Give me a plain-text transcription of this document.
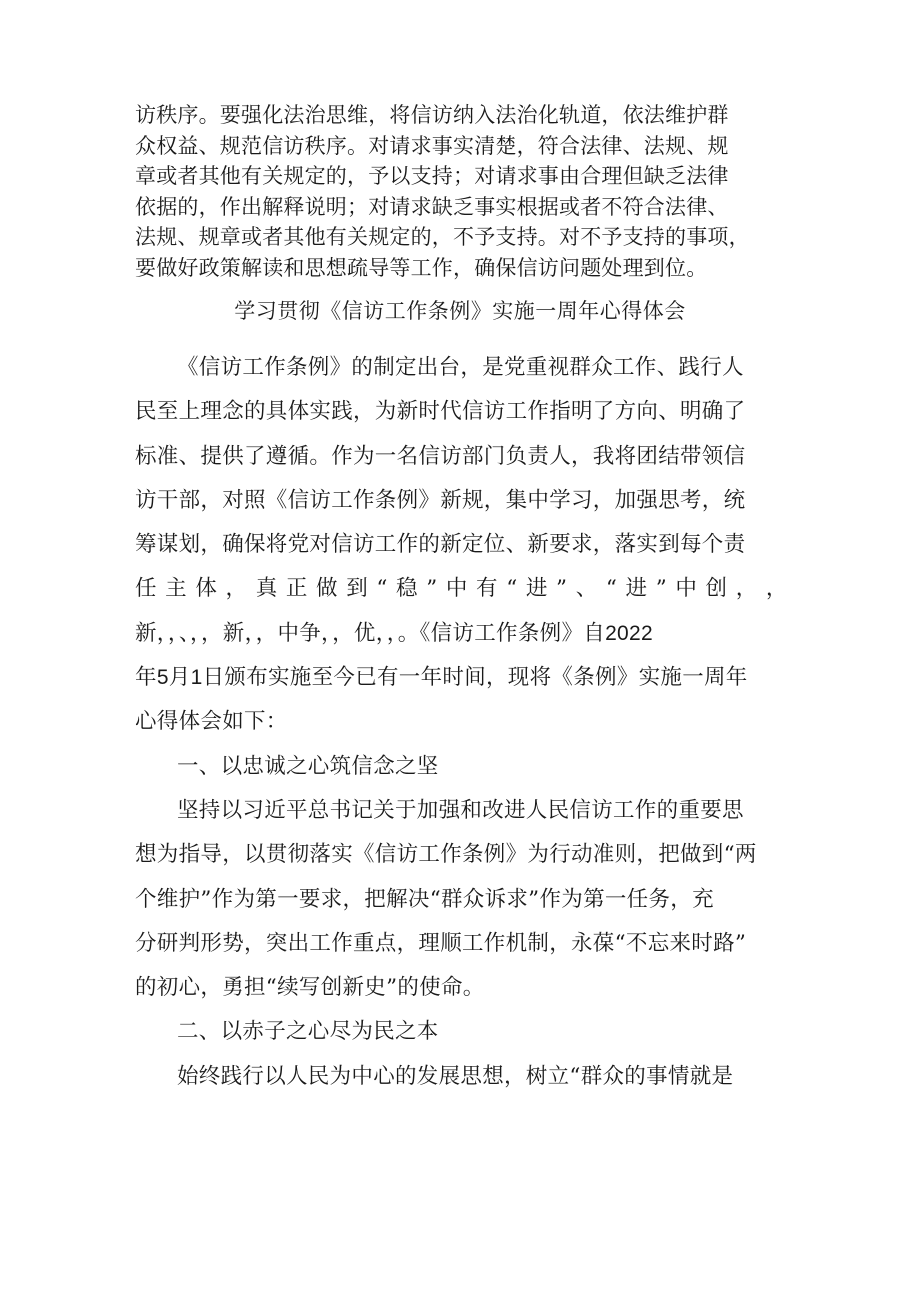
访秩序。要强化法治思维，将信访纳入法治化轨道，依法维护群
众权益、规范信访秩序。对请求事实清楚，符合法律、法规、规
章或者其他有关规定的，予以支持；对请求事由合理但缺乏法律
依据的，作出解释说明；对请求缺乏事实根据或者不符合法律、
法规、规章或者其他有关规定的，不予支持。对不予支持的事项，
要做好政策解读和思想疏导等工作，确保信访问题处理到位。
学习贯彻《信访工作条例》实施一周年心得体会
《信访工作条例》的制定出台，是党重视群众工作、践行人
民至上理念的具体实践，为新时代信访工作指明了方向、明确了
标准、提供了遵循。作为一名信访部门负责人，我将团结带领信
访干部，对照《信访工作条例》新规，集中学习，加强思考，统
筹谋划，确保将党对信访工作的新定位、新要求，落实到每个责
任 主 体 ， 真 正 做 到 “ 稳 ” 中 有 “ 进 ” 、 “ 进 ” 中 创 ， ，
新，，、，，新，，中争，，优，，。《信访工作条例》自2022
年5月1日颁布实施至今已有一年时间，现将《条例》实施一周年
心得体会如下：
一、以忠诚之心筑信念之坚
坚持以习近平总书记关于加强和改进人民信访工作的重要思
想为指导，以贯彻落实《信访工作条例》为行动准则，把做到“两
个维护”作为第一要求，把解决“群众诉求”作为第一任务，充
分研判形势，突出工作重点，理顺工作机制，永葆“不忘来时路”
的初心，勇担“续写创新史”的使命。
二、以赤子之心尽为民之本
始终践行以人民为中心的发展思想，树立“群众的事情就是
